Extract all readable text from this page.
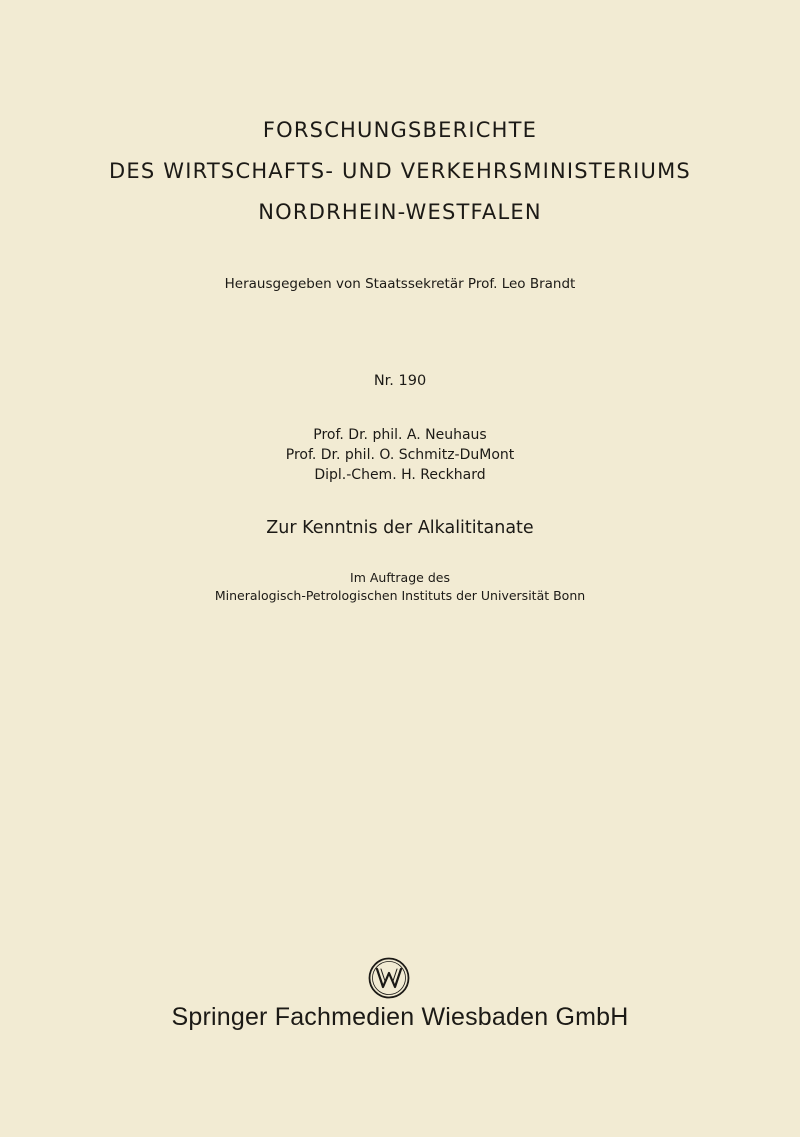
FORSCHUNGSBERICHTE
DES WIRTSCHAFTS- UND VERKEHRSMINISTERIUMS
NORDRHEIN-WESTFALEN
Herausgegeben von Staatssekretär Prof. Leo Brandt
Nr. 190
Prof. Dr. phil. A. Neuhaus
Prof. Dr. phil. O. Schmitz-DuMont
Dipl.-Chem. H. Reckhard
Zur Kenntnis der Alkalititanate
Im Auftrage des
Mineralogisch-Petrologischen Instituts der Universität Bonn
Springer Fachmedien Wiesbaden GmbH
